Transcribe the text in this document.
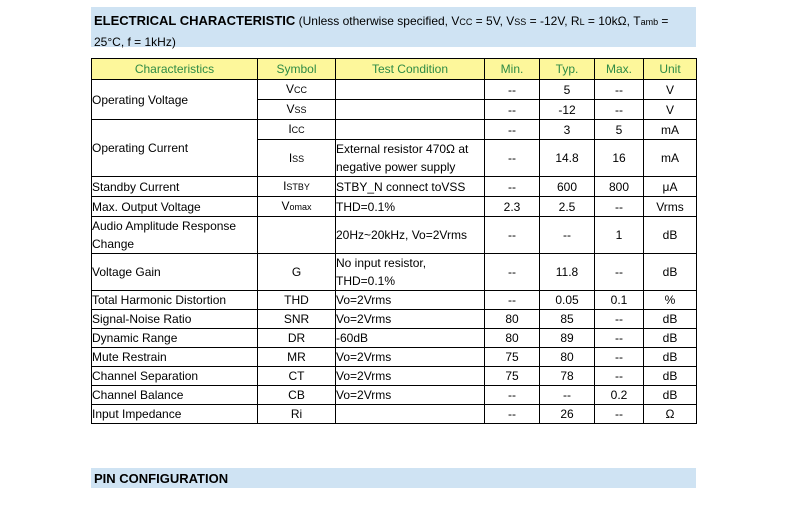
ELECTRICAL CHARACTERISTIC (Unless otherwise specified, VCC = 5V, VSS = -12V, RL = 10kΩ, Tamb =
25°C, f = 1kHz)
Characteristics	Symbol	Test Condition	Min.	Typ.	Max.	Unit
Operating Voltage	VCC		--	5	--	V
	VSS		--	-12	--	V
Operating Current	ICC		--	3	5	mA
	ISS	External resistor 470Ω at
negative power supply	--	14.8	16	mA
Standby Current	ISTBY	STBY_N connect toVSS	--	600	800	μA
Max. Output Voltage	Vomax	THD=0.1%	2.3	2.5	--	Vrms
Audio Amplitude Response
Change		20Hz~20kHz, Vo=2Vrms	--	--	1	dB
Voltage Gain	G	No input resistor,
THD=0.1%	--	11.8	--	dB
Total Harmonic Distortion	THD	Vo=2Vrms	--	0.05	0.1	%
Signal-Noise Ratio	SNR	Vo=2Vrms	80	85	--	dB
Dynamic Range	DR	-60dB	80	89	--	dB
Mute Restrain	MR	Vo=2Vrms	75	80	--	dB
Channel Separation	CT	Vo=2Vrms	75	78	--	dB
Channel Balance	CB	Vo=2Vrms	--	--	0.2	dB
Input Impedance	Ri		--	26	--	Ω
PIN CONFIGURATION
